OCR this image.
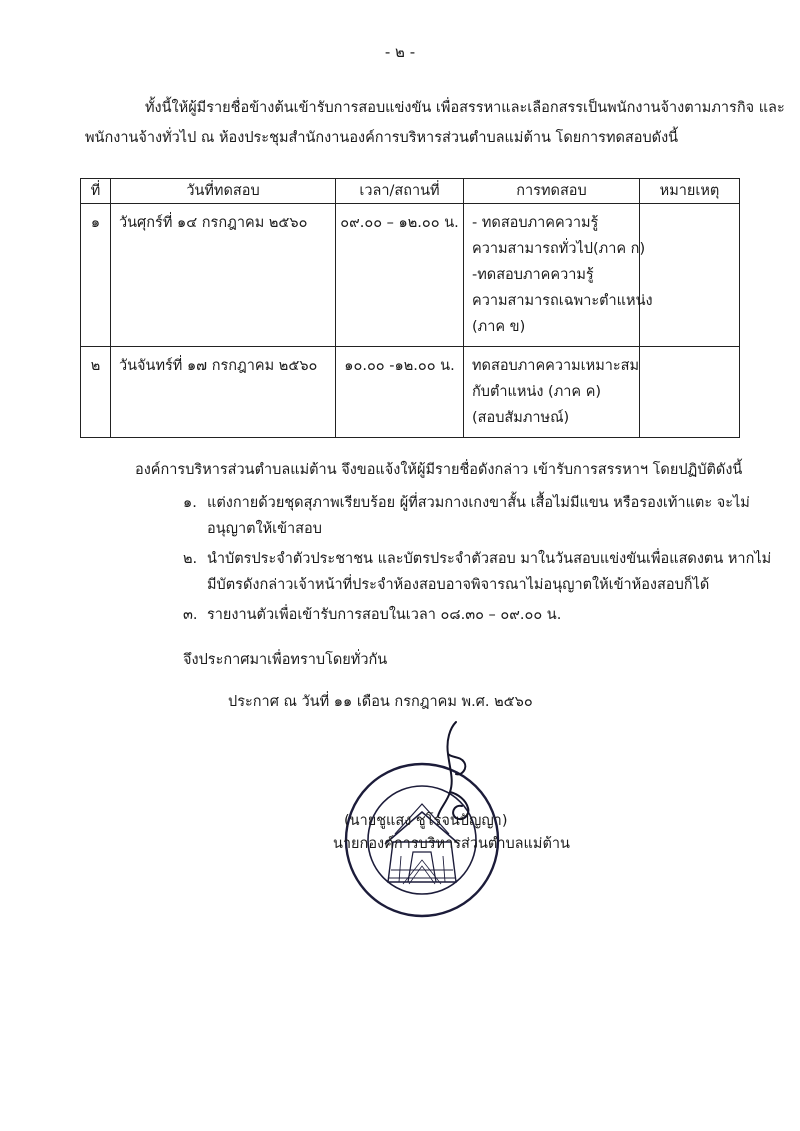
- ๒ -
ทั้งนี้ให้ผู้มีรายชื่อข้างต้นเข้ารับการสอบแข่งขัน เพื่อสรรหาและเลือกสรรเป็นพนักงานจ้างตามภารกิจ และ
พนักงานจ้างทั่วไป ณ ห้องประชุมสำนักงานองค์การบริหารส่วนตำบลแม่ต้าน โดยการทดสอบดังนี้
ที่	วันที่ทดสอบ	เวลา/สถานที่	การทดสอบ	หมายเหตุ
๑	วันศุกร์ที่ ๑๔ กรกฎาคม ๒๕๖๐	๐๙.๐๐ – ๑๒.๐๐ น.	- ทดสอบภาคความรู้
ความสามารถทั่วไป(ภาค ก)
-ทดสอบภาคความรู้
ความสามารถเฉพาะตำแหน่ง
(ภาค ข)	

๒	วันจันทร์ที่ ๑๗ กรกฎาคม ๒๕๖๐	๑๐.๐๐ -๑๒.๐๐ น.	ทดสอบภาคความเหมาะสม
กับตำแหน่ง (ภาค ค)
(สอบสัมภาษณ์)	

องค์การบริหารส่วนตำบลแม่ต้าน จึงขอแจ้งให้ผู้มีรายชื่อดังกล่าว เข้ารับการสรรหาฯ โดยปฏิบัติดังนี้
๑. แต่งกายด้วยชุดสุภาพเรียบร้อย ผู้ที่สวมกางเกงขาสั้น เสื้อไม่มีแขน หรือรองเท้าแตะ จะไม่
อนุญาตให้เข้าสอบ
๒. นำบัตรประจำตัวประชาชน และบัตรประจำตัวสอบ มาในวันสอบแข่งขันเพื่อแสดงตน หากไม่
มีบัตรดังกล่าวเจ้าหน้าที่ประจำห้องสอบอาจพิจารณาไม่อนุญาตให้เข้าห้องสอบก็ได้
๓. รายงานตัวเพื่อเข้ารับการสอบในเวลา ๐๘.๓๐ – ๐๙.๐๐ น.
จึงประกาศมาเพื่อทราบโดยทั่วกัน
ประกาศ ณ วันที่ ๑๑ เดือน กรกฎาคม พ.ศ. ๒๕๖๐
(นายชูแสง ชูโรจนปัญญา)
นายกองค์การบริหารส่วนตำบลแม่ต้าน
